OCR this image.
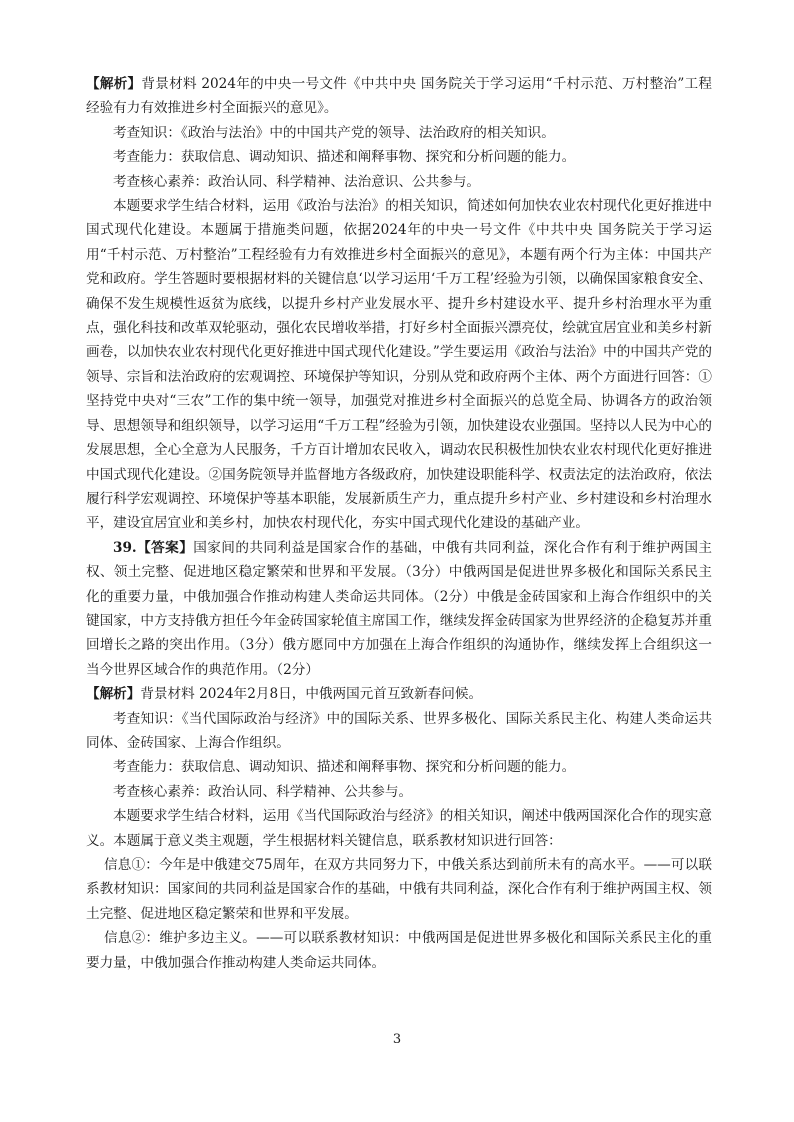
【解析】背景材料 2024年的中央一号文件《中共中央 国务院关于学习运用“千村示范、万村整治”工程经验有力有效推进乡村全面振兴的意见》。

考查知识：《政治与法治》中的中国共产党的领导、法治政府的相关知识。

考查能力：获取信息、调动知识、描述和阐释事物、探究和分析问题的能力。

考查核心素养：政治认同、科学精神、法治意识、公共参与。

本题要求学生结合材料，运用《政治与法治》的相关知识，简述如何加快农业农村现代化更好推进中国式现代化建设。本题属于措施类问题，依据2024年的中央一号文件《中共中央 国务院关于学习运用“千村示范、万村整治”工程经验有力有效推进乡村全面振兴的意见》，本题有两个行为主体：中国共产党和政府。学生答题时要根据材料的关键信息‘以学习运用‘千万工程’经验为引领，以确保国家粮食安全、确保不发生规模性返贫为底线，以提升乡村产业发展水平、提升乡村建设水平、提升乡村治理水平为重点，强化科技和改革双轮驱动，强化农民增收举措，打好乡村全面振兴漂亮仗，绘就宜居宜业和美乡村新画卷，以加快农业农村现代化更好推进中国式现代化建设。”学生要运用《政治与法治》中的中国共产党的领导、宗旨和法治政府的宏观调控、环境保护等知识，分别从党和政府两个主体、两个方面进行回答：①坚持党中央对“三农”工作的集中统一领导，加强党对推进乡村全面振兴的总览全局、协调各方的政治领导、思想领导和组织领导，以学习运用“千万工程”经验为引领，加快建设农业强国。坚持以人民为中心的发展思想，全心全意为人民服务，千方百计增加农民收入，调动农民积极性加快农业农村现代化更好推进中国式现代化建设。②国务院领导并监督地方各级政府，加快建设职能科学、权责法定的法治政府，依法履行科学宏观调控、环境保护等基本职能，发展新质生产力，重点提升乡村产业、乡村建设和乡村治理水平，建设宜居宜业和美乡村，加快农村现代化，夯实中国式现代化建设的基础产业。

39.【答案】国家间的共同利益是国家合作的基础，中俄有共同利益，深化合作有利于维护两国主权、领土完整、促进地区稳定繁荣和世界和平发展。（3分）中俄两国是促进世界多极化和国际关系民主化的重要力量，中俄加强合作推动构建人类命运共同体。（2分）中俄是金砖国家和上海合作组织中的关键国家，中方支持俄方担任今年金砖国家轮值主席国工作，继续发挥金砖国家为世界经济的企稳复苏并重回增长之路的突出作用。（3分）俄方愿同中方加强在上海合作组织的沟通协作，继续发挥上合组织这一当今世界区域合作的典范作用。（2分）

【解析】背景材料 2024年2月8日，中俄两国元首互致新春问候。

考查知识：《当代国际政治与经济》中的国际关系、世界多极化、国际关系民主化、构建人类命运共同体、金砖国家、上海合作组织。

考查能力：获取信息、调动知识、描述和阐释事物、探究和分析问题的能力。

考查核心素养：政治认同、科学精神、公共参与。

本题要求学生结合材料，运用《当代国际政治与经济》的相关知识，阐述中俄两国深化合作的现实意义。本题属于意义类主观题，学生根据材料关键信息，联系教材知识进行回答：

信息①：今年是中俄建交75周年，在双方共同努力下，中俄关系达到前所未有的高水平。——可以联系教材知识：国家间的共同利益是国家合作的基础，中俄有共同利益，深化合作有利于维护两国主权、领土完整、促进地区稳定繁荣和世界和平发展。

信息②：维护多边主义。——可以联系教材知识：中俄两国是促进世界多极化和国际关系民主化的重要力量，中俄加强合作推动构建人类命运共同体。

3
